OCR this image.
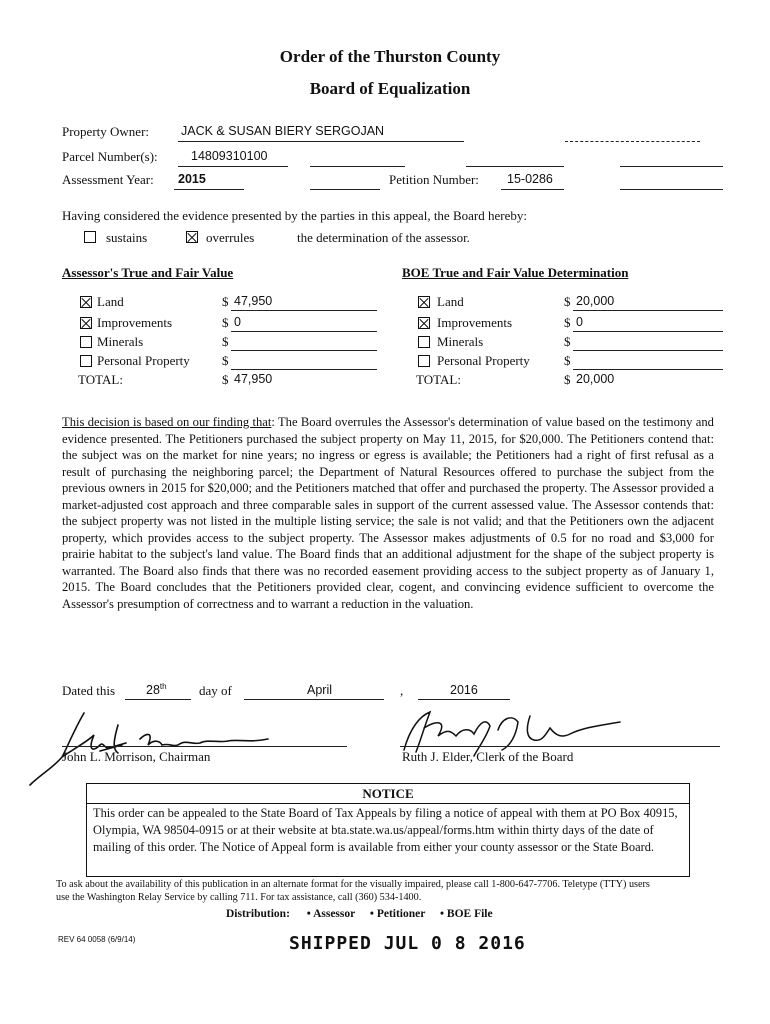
Order of the Thurston County
Board of Equalization
Property Owner:	JACK & SUSAN BIERY SERGOJAN
Parcel Number(s):	14809310100
Assessment Year: 2015	Petition Number: 15-0286
Having considered the evidence presented by the parties in this appeal, the Board hereby:
sustains	overrules	the determination of the assessor.
Assessor's True and Fair Value
Land	$ 47,950
Improvements	$ 0
Minerals	$
Personal Property $
TOTAL:	$ 47,950
BOE True and Fair Value Determination
Land	$ 20,000
Improvements	$ 0
Minerals	$
Personal Property	$
TOTAL:	$ 20,000
This decision is based on our finding that: The Board overrules the Assessor's determination of value based on the testimony and evidence presented. The Petitioners purchased the subject property on May 11, 2015, for $20,000. The Petitioners contend that: the subject was on the market for nine years; no ingress or egress is available; the Petitioners had a right of first refusal as a result of purchasing the neighboring parcel; the Department of Natural Resources offered to purchase the subject from the previous owners in 2015 for $20,000; and the Petitioners matched that offer and purchased the property. The Assessor provided a market-adjusted cost approach and three comparable sales in support of the current assessed value. The Assessor contends that: the subject property was not listed in the multiple listing service; the sale is not valid; and that the Petitioners own the adjacent property, which provides access to the subject property. The Assessor makes adjustments of 0.5 for no road and $3,000 for prairie habitat to the subject's land value. The Board finds that an additional adjustment for the shape of the subject property is warranted. The Board also finds that there was no recorded easement providing access to the subject property as of January 1, 2015. The Board concludes that the Petitioners provided clear, cogent, and convincing evidence sufficient to overcome the Assessor's presumption of correctness and to warrant a reduction in the valuation.
Dated this 28th day of	April	,	2016
John L. Morrison, Chairman	Ruth J. Elder, Clerk of the Board
NOTICE
This order can be appealed to the State Board of Tax Appeals by filing a notice of appeal with them at PO Box 40915, Olympia, WA 98504-0915 or at their website at bta.state.wa.us/appeal/forms.htm within thirty days of the date of mailing of this order. The Notice of Appeal form is available from either your county assessor or the State Board.
To ask about the availability of this publication in an alternate format for the visually impaired, please call 1-800-647-7706. Teletype (TTY) users use the Washington Relay Service by calling 711. For tax assistance, call (360) 534-1400.
Distribution: • Assessor • Petitioner • BOE File
REV 64 0058 (6/9/14)	SHIPPED JUL 0 8 2016
